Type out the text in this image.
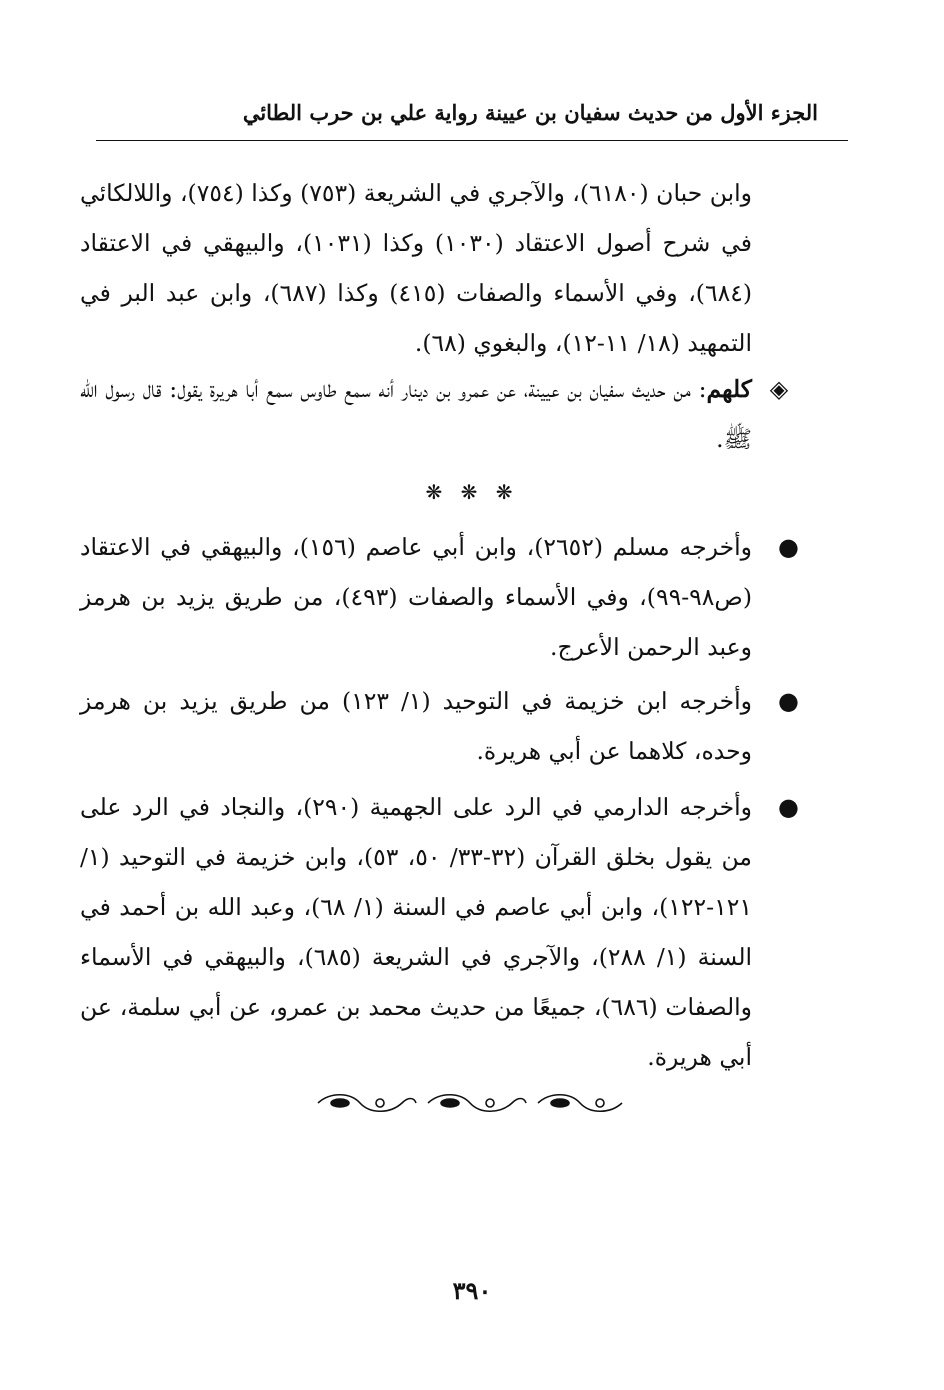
الجزء الأول من حديث سفيان بن عيينة رواية علي بن حرب الطائي
وابن حبان (٦١٨٠)، والآجري في الشريعة (٧٥٣) وكذا (٧٥٤)، واللالكائي في شرح أصول الاعتقاد (١٠٣٠) وكذا (١٠٣١)، والبيهقي في الاعتقاد (٦٨٤)، وفي الأسماء والصفات (٤١٥) وكذا (٦٨٧)، وابن عبد البر في التمهيد (١٨/ ١١-١٢)، والبغوي (٦٨).
◈
كلهم: من حديث سفيان بن عيينة، عن عمرو بن دينار أنه سمع طاوس سمع أبا هريرة يقول: قال رسول الله ﷺ.
❋ ❋ ❋
●
وأخرجه مسلم (٢٦٥٢)، وابن أبي عاصم (١٥٦)، والبيهقي في الاعتقاد (ص٩٨-٩٩)، وفي الأسماء والصفات (٤٩٣)، من طريق يزيد بن هرمز وعبد الرحمن الأعرج.
●
وأخرجه ابن خزيمة في التوحيد (١/ ١٢٣) من طريق يزيد بن هرمز وحده، كلاهما عن أبي هريرة.
●
وأخرجه الدارمي في الرد على الجهمية (٢٩٠)، والنجاد في الرد على من يقول بخلق القرآن (٣٢-٣٣/ ٥٠، ٥٣)، وابن خزيمة في التوحيد (١/ ١٢١-١٢٢)، وابن أبي عاصم في السنة (١/ ٦٨)، وعبد الله بن أحمد في السنة (١/ ٢٨٨)، والآجري في الشريعة (٦٨٥)، والبيهقي في الأسماء والصفات (٦٨٦)، جميعًا من حديث محمد بن عمرو، عن أبي سلمة، عن أبي هريرة.
٣٩٠
